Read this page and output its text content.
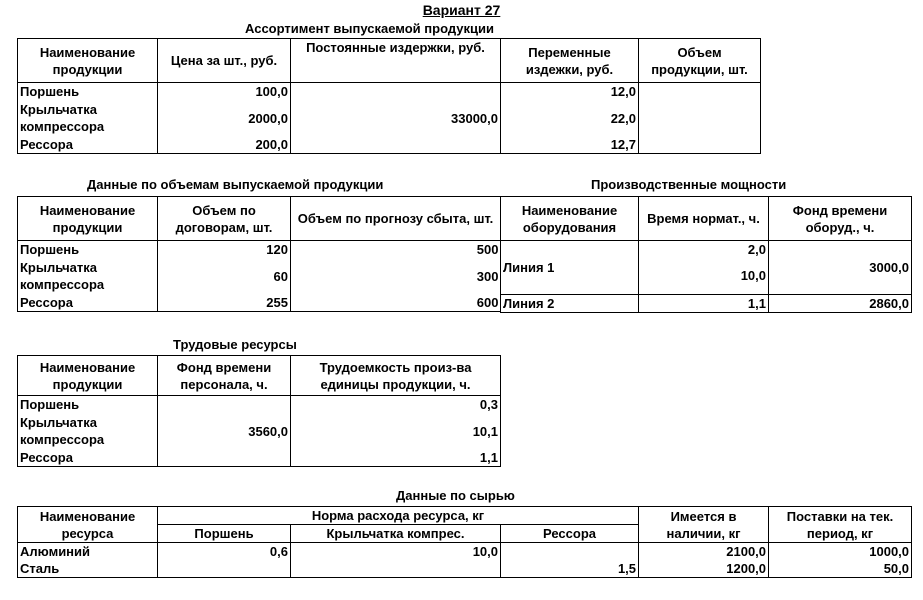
Вариант 27
Ассортимент выпускаемой продукции
Наименование продукции	Цена за шт., руб.	Постоянные издержки, руб.	Переменные издежки, руб.	Объем продукции, шт.
Поршень	100,0	33000,0	12,0	
Крыльчатка компрессора	2000,0		22,0	
Рессора	200,0		12,7	
Данные по объемам выпускаемой продукции	Производственные мощности
Наименование продукции	Объем по договорам, шт.	Объем по прогнозу сбыта, шт.
Поршень	120	500
Крыльчатка компрессора	60	300
Рессора	255	600
Наименование оборудования	Время нормат., ч.	Фонд времени оборуд., ч.
Линия 1	2,0	3000,0
	10,0	
Линия 2	1,1	2860,0
Трудовые ресурсы
Наименование продукции	Фонд времени персонала, ч.	Трудоемкость произ-ва единицы продукции, ч.
Поршень	3560,0	0,3
Крыльчатка компрессора		10,1
Рессора		1,1
Данные по сырью
Наименование ресурса	Норма расхода ресурса, кг			Имеется в наличии, кг	Поставки на тек. период, кг
	Поршень	Крыльчатка компрес.	Рессора		
Алюминий	0,6	10,0		2100,0	1000,0
Сталь			1,5	1200,0	50,0
